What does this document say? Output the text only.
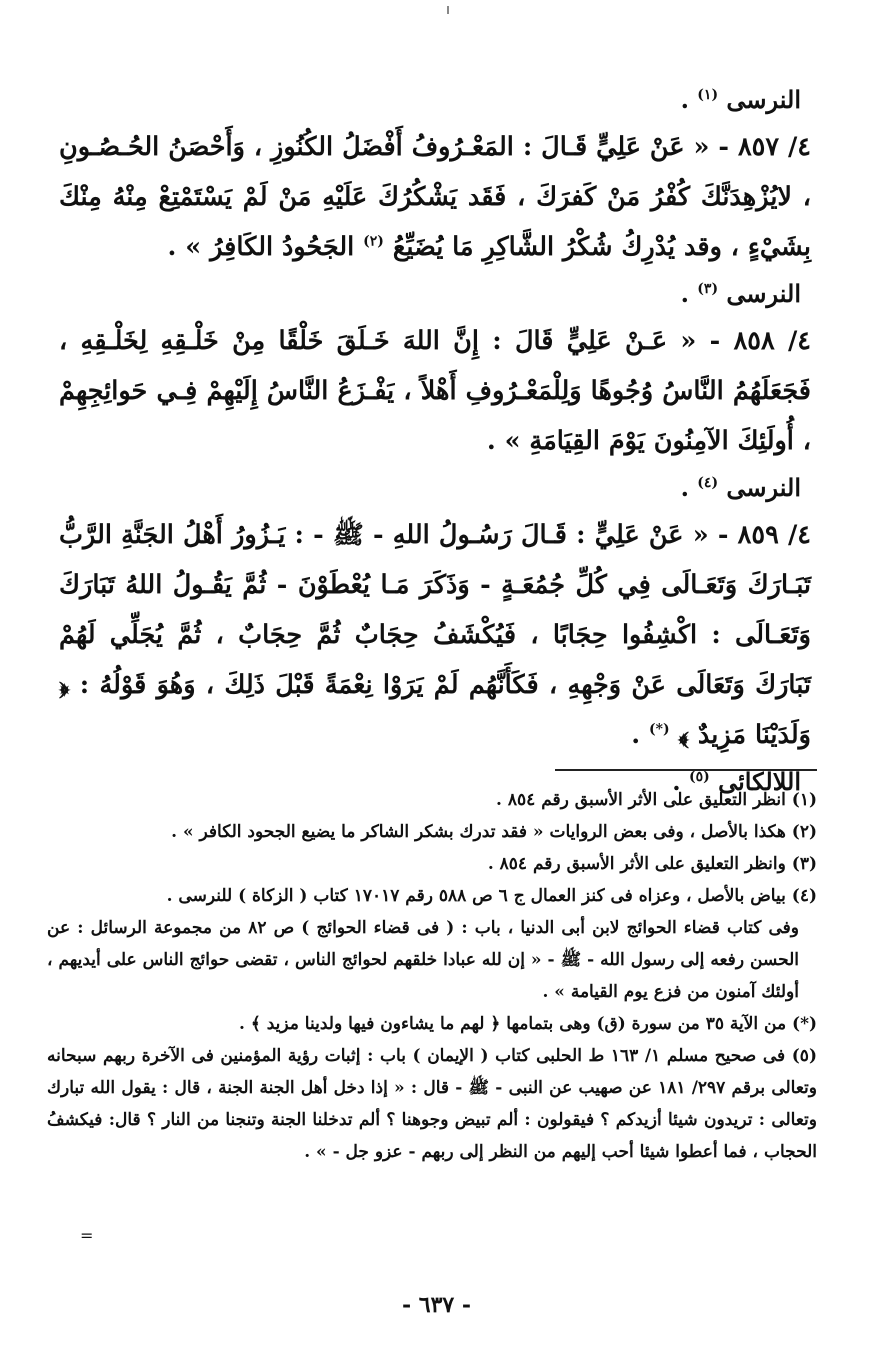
النرسى $^{(١)}$ .
٤/ ٨٥٧ - « عَنْ عَلِيٍّ قَـالَ : المَعْـرُوفُ أَفْضَلُ الكُنُوزِ ، وَأَحْصَنُ الحُـصُـونِ ، لايُزْهِدَنَّكَ كُفْرُ مَنْ كَفرَكَ ، فَقَد يَشْكُرُكَ عَلَيْهِ مَنْ لَمْ يَسْتَمْتِعْ مِنْهُ مِنْكَ بِشَيْءٍ ، وقد يُدْرِكُ شُكْرُ الشَّاكِرِ مَا يُضَيِّعُ $^{(٢)}$ الجَحُودُ الكَافِرُ » .
النرسى $^{(٣)}$ .
٤/ ٨٥٨ - « عَـنْ عَلِيٍّ قَالَ : إِنَّ اللهَ خَـلَقَ خَلْقًا مِنْ خَلْـقِهِ لِخَلْـقِهِ ، فَجَعَلَهُمُ النَّاسُ وُجُوهًا وَلِلْمَعْـرُوفِ أَهْلاً ، يَفْـزَعُ النَّاسُ إِلَيْهِمْ فِـي حَوائِجِهِمْ ، أُولَئِكَ الآمِنُونَ يَوْمَ القِيَامَةِ » .
النرسى $^{(٤)}$ .
٤/ ٨٥٩ - « عَنْ عَلِيٍّ : قَـالَ رَسُـولُ اللهِ - ﷺ - : يَـزُورُ أَهْلُ الجَنَّةِ الرَّبُّ تَبَـارَكَ وَتَعَـالَى فِي كُلِّ جُمُعَـةٍ - وَذَكَرَ مَـا يُعْطَوْنَ - ثُمَّ يَقُـولُ اللهُ تَبَارَكَ وَتَعَـالَى : اكْشِفُوا حِجَابًا ، فَيُكْشَفُ حِجَابٌ ثُمَّ حِجَابٌ ، ثُمَّ يُجَلِّي لَهُمْ تَبَارَكَ وَتَعَالَى عَنْ وَجْهِهِ ، فَكَأَنَّهُم لَمْ يَرَوْا نِعْمَةً قَبْلَ ذَلِكَ ، وَهُوَ قَوْلُهُ : ﴿ وَلَدَيْنَا مَزِيدٌ ﴾ (*) .
اللالكائى $^{(٥)}$ .

(١) انظر التعليق على الأثر الأسبق رقم ٨٥٤ .

(٢) هكذا بالأصل ، وفى بعض الروايات « فقد تدرك بشكر الشاكر ما يضيع الجحود الكافر » .

(٣) وانظر التعليق على الأثر الأسبق رقم ٨٥٤ .

(٤) بياض بالأصل ، وعزاه فى كنز العمال ج ٦ ص ٥٨٨ رقم ١٧٠١٧ كتاب ( الزكاة ) للنرسى .

وفى كتاب قضاء الحوائج لابن أبى الدنيا ، باب : ( فى قضاء الحوائج ) ص ٨٢ من مجموعة الرسائل : عن الحسن رفعه إلى رسول الله - ﷺ - « إن لله عبادا خلقهم لحوائج الناس ، تقضى حوائج الناس على أيديهم ، أولئك آمنون من فزع يوم القيامة » .

(*) من الآية ٣٥ من سورة (ق) وهى بتمامها ﴿ لهم ما يشاءون فيها ولدينا مزيد ﴾ .

(٥) فى صحيح مسلم ١/ ١٦٣ ط الحلبى كتاب ( الإيمان ) باب : إثبات رؤية المؤمنين فى الآخرة ربهم سبحانه وتعالى برقم ٢٩٧/ ١٨١ عن صهيب عن النبى - ﷺ - قال : « إذا دخل أهل الجنة الجنة ، قال : يقول الله تبارك وتعالى : تريدون شيئا أزيدكم ؟ فيقولون : ألم تبيض وجوهنا ؟ ألم تدخلنا الجنة وتنجنا من النار ؟ قال: فيكشفُ الحجاب ، فما أعطوا شيئا أحب إليهم من النظر إلى ربهم - عزو جل - » .

=
- ٦٣٧ -
